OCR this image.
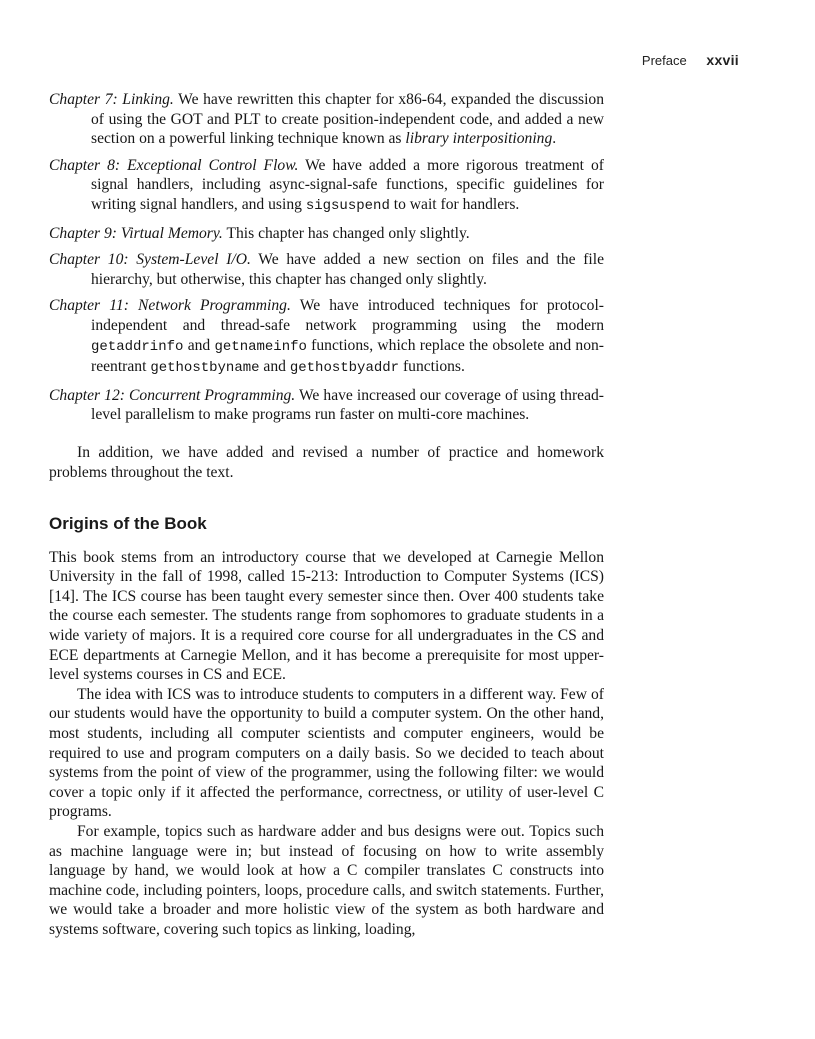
Preface xxvii

Chapter 7: Linking. We have rewritten this chapter for x86-64, expanded the discussion of using the GOT and PLT to create position-independent code, and added a new section on a powerful linking technique known as library interpositioning.

Chapter 8: Exceptional Control Flow. We have added a more rigorous treatment of signal handlers, including async-signal-safe functions, specific guidelines for writing signal handlers, and using sigsuspend to wait for handlers.

Chapter 9: Virtual Memory. This chapter has changed only slightly.

Chapter 10: System-Level I/O. We have added a new section on files and the file hierarchy, but otherwise, this chapter has changed only slightly.

Chapter 11: Network Programming. We have introduced techniques for protocol-independent and thread-safe network programming using the modern getaddrinfo and getnameinfo functions, which replace the obsolete and non-reentrant gethostbyname and gethostbyaddr functions.

Chapter 12: Concurrent Programming. We have increased our coverage of using thread-level parallelism to make programs run faster on multi-core machines.

In addition, we have added and revised a number of practice and homework problems throughout the text.

Origins of the Book

This book stems from an introductory course that we developed at Carnegie Mellon University in the fall of 1998, called 15-213: Introduction to Computer Systems (ICS) [14]. The ICS course has been taught every semester since then. Over 400 students take the course each semester. The students range from sophomores to graduate students in a wide variety of majors. It is a required core course for all undergraduates in the CS and ECE departments at Carnegie Mellon, and it has become a prerequisite for most upper-level systems courses in CS and ECE.

The idea with ICS was to introduce students to computers in a different way. Few of our students would have the opportunity to build a computer system. On the other hand, most students, including all computer scientists and computer engineers, would be required to use and program computers on a daily basis. So we decided to teach about systems from the point of view of the programmer, using the following filter: we would cover a topic only if it affected the performance, correctness, or utility of user-level C programs.

For example, topics such as hardware adder and bus designs were out. Topics such as machine language were in; but instead of focusing on how to write assembly language by hand, we would look at how a C compiler translates C constructs into machine code, including pointers, loops, procedure calls, and switch statements. Further, we would take a broader and more holistic view of the system as both hardware and systems software, covering such topics as linking, loading,
